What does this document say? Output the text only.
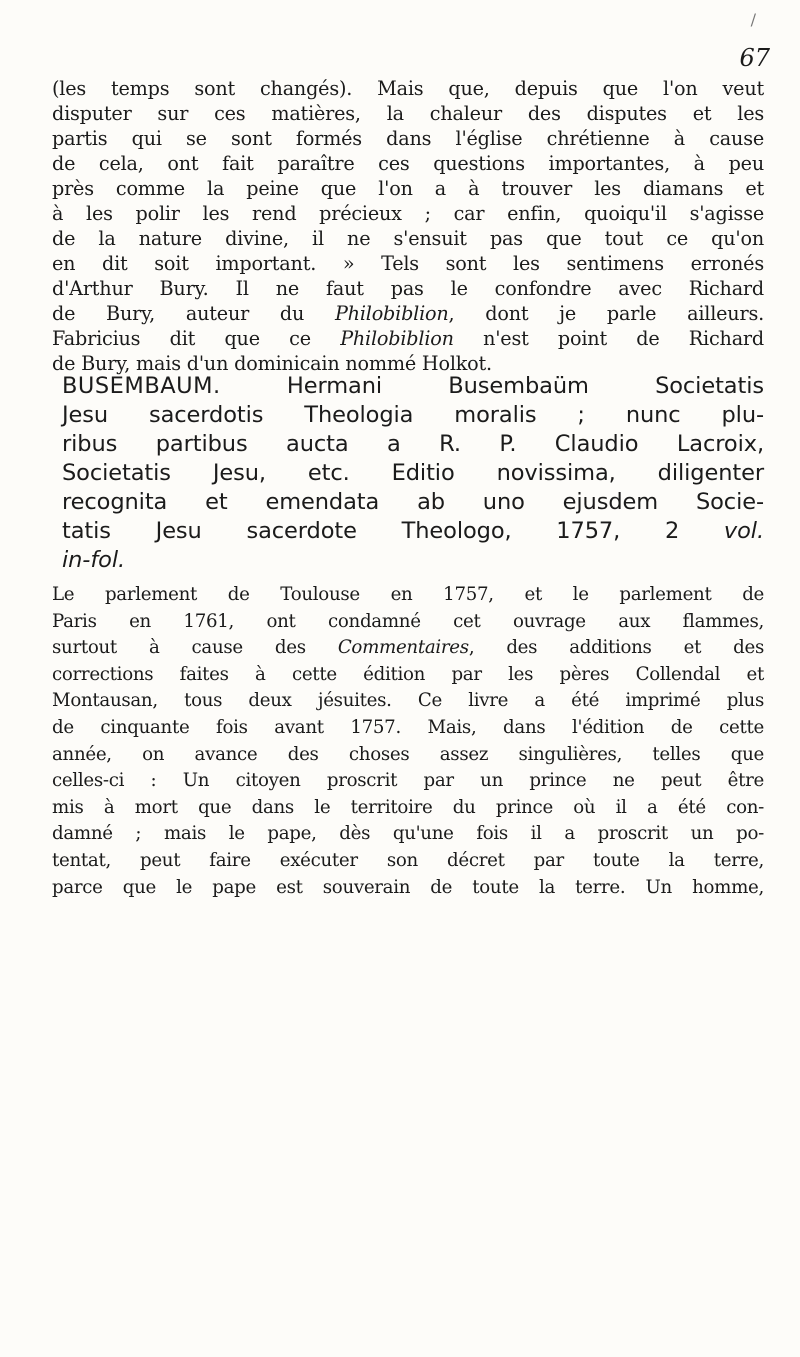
/
67
(les temps sont changés). Mais que, depuis que l'on veut
disputer sur ces matières, la chaleur des disputes et les
partis qui se sont formés dans l'église chrétienne à cause
de cela, ont fait paraître ces questions importantes, à peu
près comme la peine que l'on a à trouver les diamans et
à les polir les rend précieux ; car enfin, quoiqu'il s'agisse
de la nature divine, il ne s'ensuit pas que tout ce qu'on
en dit soit important. » Tels sont les sentimens erronés
d'Arthur Bury. Il ne faut pas le confondre avec Richard
de Bury, auteur du Philobiblion, dont je parle ailleurs.
Fabricius dit que ce Philobiblion n'est point de Richard
de Bury, mais d'un dominicain nommé Holkot.
BUSEMBAUM. Hermani Busembaüm Societatis
Jesu sacerdotis Theologia moralis ; nunc plu-
ribus partibus aucta a R. P. Claudio Lacroix,
Societatis Jesu, etc. Editio novissima, diligenter
recognita et emendata ab uno ejusdem Socie-
tatis Jesu sacerdote Theologo, 1757, 2 vol.
in-fol.
Le parlement de Toulouse en 1757, et le parlement de
Paris en 1761, ont condamné cet ouvrage aux flammes,
surtout à cause des Commentaires, des additions et des
corrections faites à cette édition par les pères Collendal et
Montausan, tous deux jésuites. Ce livre a été imprimé plus
de cinquante fois avant 1757. Mais, dans l'édition de cette
année, on avance des choses assez singulières, telles que
celles-ci : Un citoyen proscrit par un prince ne peut être
mis à mort que dans le territoire du prince où il a été con-
damné ; mais le pape, dès qu'une fois il a proscrit un po-
tentat, peut faire exécuter son décret par toute la terre,
parce que le pape est souverain de toute la terre. Un homme,
